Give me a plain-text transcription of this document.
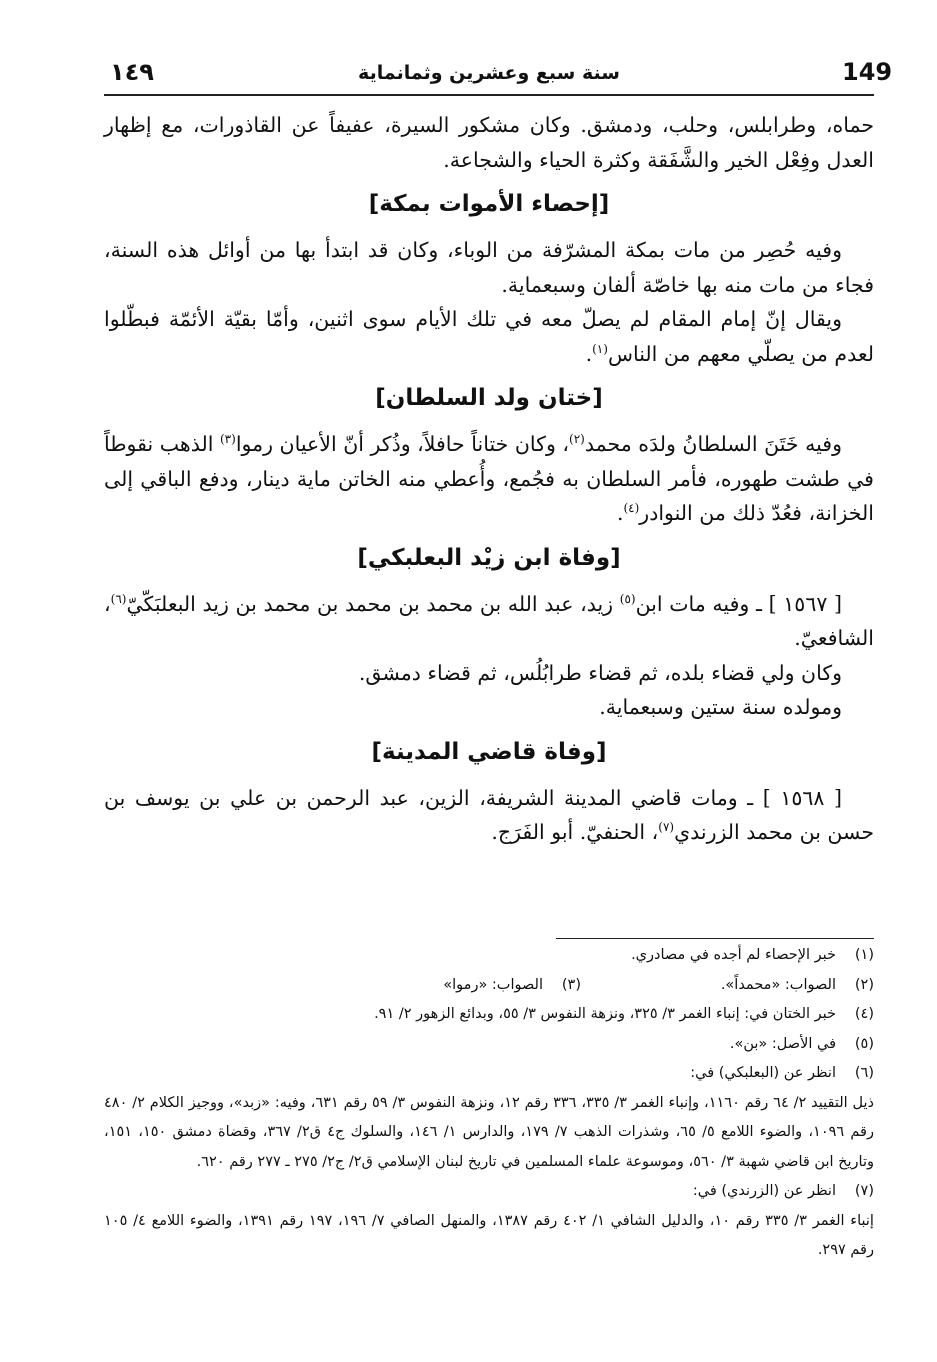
149
سنة سبع وعشرين وثمانماية
١٤٩

حماه، وطرابلس، وحلب، ودمشق. وكان مشكور السيرة، عفيفاً عن القاذورات، مع إظهار العدل وفِعْل الخير والشَّفَقة وكثرة الحياء والشجاعة.

[إحصاء الأموات بمكة]

وفيه حُصِر من مات بمكة المشرّفة من الوباء، وكان قد ابتدأ بها من أوائل هذه السنة، فجاء من مات منه بها خاصّة ألفان وسبعماية.

ويقال إنّ إمام المقام لم يصلّ معه في تلك الأيام سوى اثنين، وأمّا بقيّة الأئمّة فبطّلوا لعدم من يصلّي معهم من الناس$^{(١)}$.

[ختان ولد السلطان]

وفيه خَتَنَ السلطانُ ولدَه محمد$^{(٢)}$، وكان ختاناً حافلاً، وذُكر أنّ الأعيان رموا$^{(٣)}$ الذهب نقوطاً في طشت طهوره، فأمر السلطان به فجُمع، وأُعطي منه الخاتن ماية دينار، ودفع الباقي إلى الخزانة، فعُدّ ذلك من النوادر$^{(٤)}$.

[وفاة ابن زيْد البعلبكي]

[ ١٥٦٧ ] ـ وفيه مات ابن$^{(٥)}$ زيد، عبد الله بن محمد بن محمد بن محمد بن زيد البعلبَكّيّ$^{(٦)}$، الشافعيّ.

وكان ولي قضاء بلده، ثم قضاء طرابُلُس، ثم قضاء دمشق.

ومولده سنة ستين وسبعماية.

[وفاة قاضي المدينة]

[ ١٥٦٨ ] ـ ومات قاضي المدينة الشريفة، الزين، عبد الرحمن بن علي بن يوسف بن حسن بن محمد الزرندي$^{(٧)}$، الحنفيّ. أبو الفَرَج.

(١)
خبر الإحصاء لم أجده في مصادري.
(٢)
الصواب: «محمداً».
(٣)
الصواب: «رموا»
(٤)
خبر الختان في: إنباء الغمر ٣/ ٣٢٥، ونزهة النفوس ٣/ ٥٥، وبدائع الزهور ٢/ ٩١.
(٥)
في الأصل: «بن».
(٦)
انظر عن (البعلبكي) في:
ذيل التقييد ٢/ ٦٤ رقم ١١٦٠، وإنباء الغمر ٣/ ٣٣٥، ٣٣٦ رقم ١٢، ونزهة النفوس ٣/ ٥٩ رقم ٦٣١، وفيه: «زبد»، ووجيز الكلام ٢/ ٤٨٠ رقم ١٠٩٦، والضوء اللامع ٥/ ٦٥، وشذرات الذهب ٧/ ١٧٩، والدارس ١/ ١٤٦، والسلوك ج٤ ق٢/ ٣٦٧، وقضاة دمشق ١٥٠، ١٥١، وتاريخ ابن قاضي شهبة ٣/ ٥٦٠، وموسوعة علماء المسلمين في تاريخ لبنان الإسلامي ق٢/ ج٢/ ٢٧٥ ـ ٢٧٧ رقم ٦٢٠.
(٧)
انظر عن (الزرندي) في:
إنباء الغمر ٣/ ٣٣٥ رقم ١٠، والدليل الشافي ١/ ٤٠٢ رقم ١٣٨٧، والمنهل الصافي ٧/ ١٩٦، ١٩٧ رقم ١٣٩١، والضوء اللامع ٤/ ١٠٥ رقم ٢٩٧.
